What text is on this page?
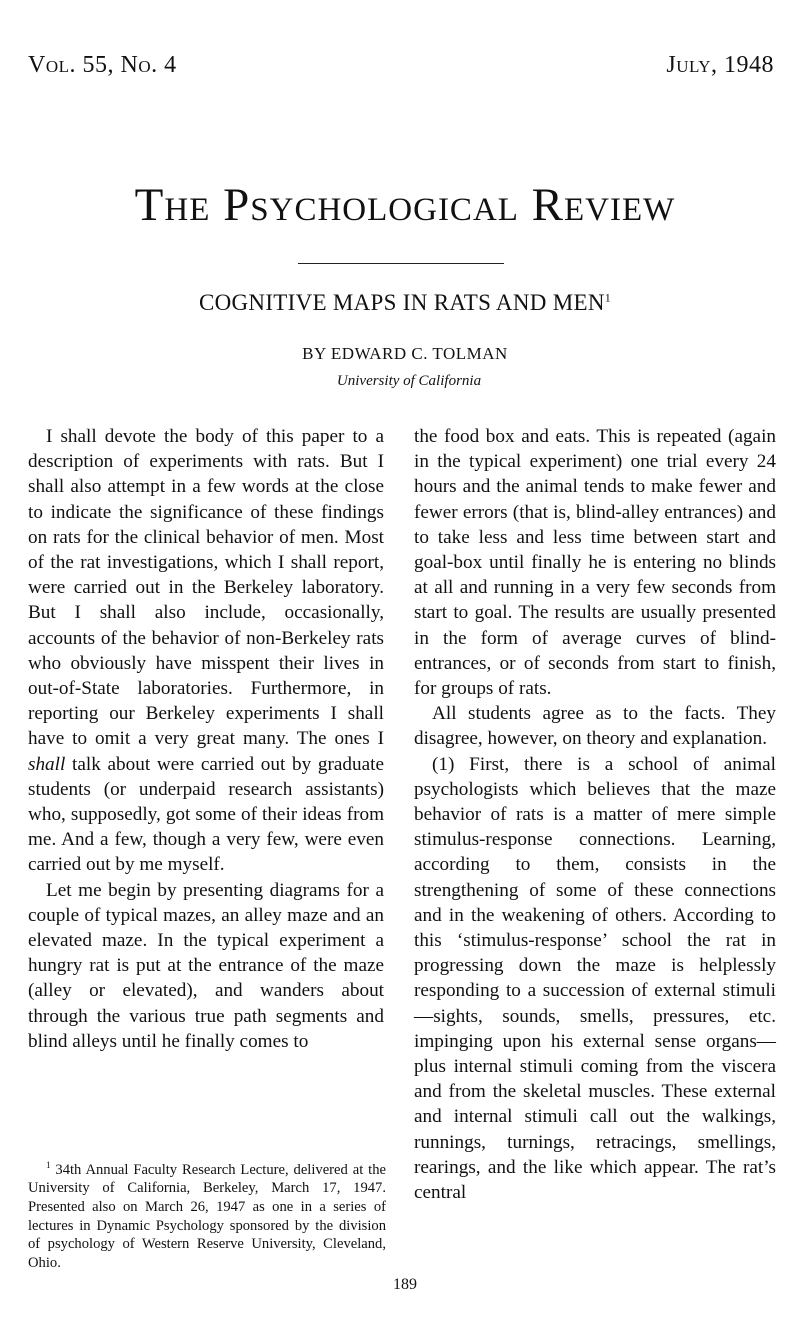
Vol. 55, No. 4	July, 1948
The Psychological Review
COGNITIVE MAPS IN RATS AND MEN$^1$
BY EDWARD C. TOLMAN
University of California

I shall devote the body of this paper to a description of experiments with rats. But I shall also attempt in a few words at the close to indicate the significance of these findings on rats for the clinical behavior of men. Most of the rat investigations, which I shall report, were carried out in the Berkeley laboratory. But I shall also include, occasionally, accounts of the behavior of non-Berkeley rats who obviously have misspent their lives in out-of-State laboratories. Furthermore, in reporting our Berkeley experiments I shall have to omit a very great many. The ones I shall talk about were carried out by graduate students (or underpaid research assistants) who, supposedly, got some of their ideas from me. And a few, though a very few, were even carried out by me myself.

Let me begin by presenting diagrams for a couple of typical mazes, an alley maze and an elevated maze. In the typical experiment a hungry rat is put at the entrance of the maze (alley or elevated), and wanders about through the various true path segments and blind alleys until he finally comes to

the food box and eats. This is repeated (again in the typical experiment) one trial every 24 hours and the animal tends to make fewer and fewer errors (that is, blind-alley entrances) and to take less and less time between start and goal-box until finally he is entering no blinds at all and running in a very few seconds from start to goal. The results are usually presented in the form of average curves of blind-entrances, or of seconds from start to finish, for groups of rats.

All students agree as to the facts. They disagree, however, on theory and explanation.

(1) First, there is a school of animal psychologists which believes that the maze behavior of rats is a matter of mere simple stimulus-response connections. Learning, according to them, consists in the strengthening of some of these connections and in the weakening of others. According to this ‘stimulus-response’ school the rat in progressing down the maze is helplessly responding to a succession of external stimuli—sights, sounds, smells, pressures, etc. impinging upon his external sense organs—plus internal stimuli coming from the viscera and from the skeletal muscles. These external and internal stimuli call out the walkings, runnings, turnings, retracings, smellings, rearings, and the like which appear. The rat’s central

$^1$ 34th Annual Faculty Research Lecture, delivered at the University of California, Berkeley, March 17, 1947. Presented also on March 26, 1947 as one in a series of lectures in Dynamic Psychology sponsored by the division of psychology of Western Reserve University, Cleveland, Ohio.
189
